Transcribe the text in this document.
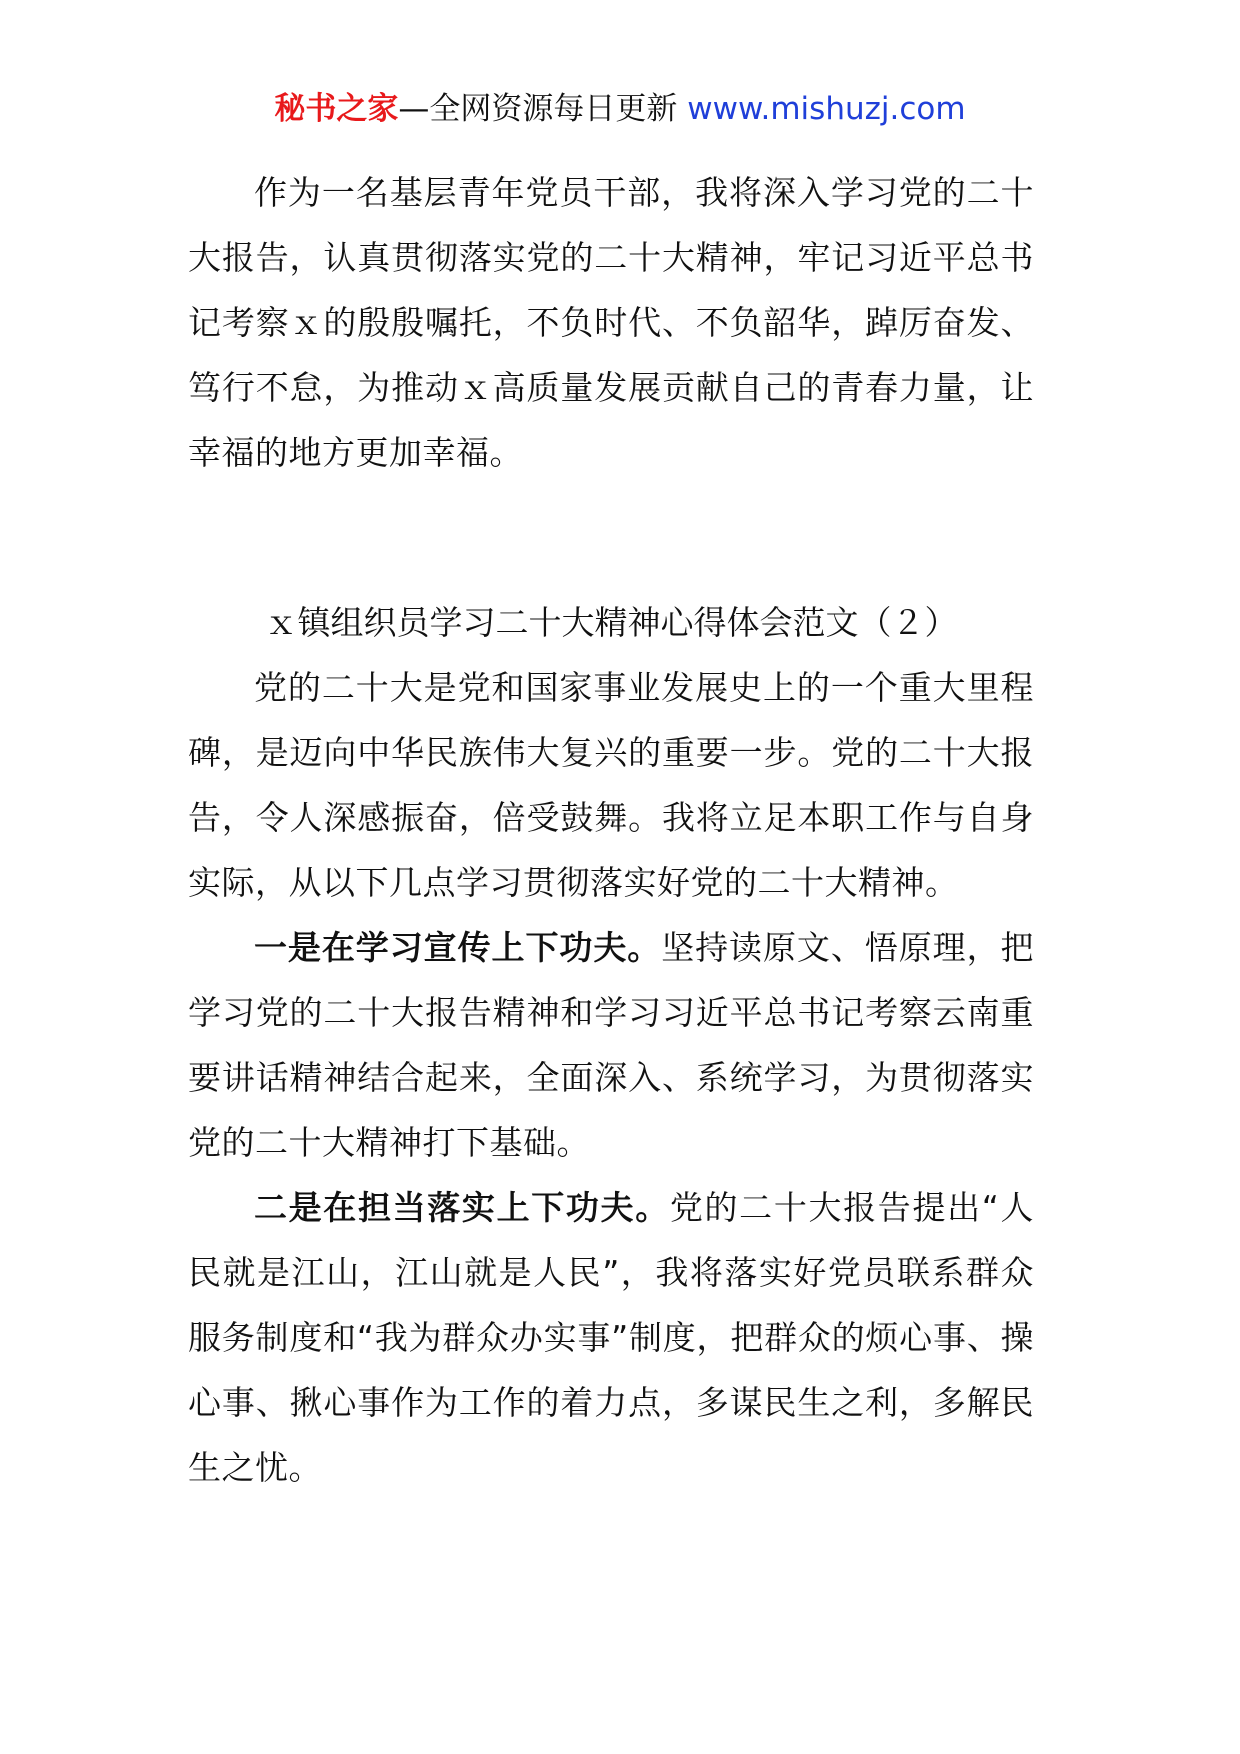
秘书之家—全网资源每日更新 www.mishuzj.com

作为一名基层青年党员干部，我将深入学习党的二十大报告，认真贯彻落实党的二十大精神，牢记习近平总书记考察ｘ的殷殷嘱托，不负时代、不负韶华，踔厉奋发、笃行不怠，为推动ｘ高质量发展贡献自己的青春力量，让幸福的地方更加幸福。

ｘ镇组织员学习二十大精神心得体会范文（２）

党的二十大是党和国家事业发展史上的一个重大里程碑，是迈向中华民族伟大复兴的重要一步。党的二十大报告，令人深感振奋，倍受鼓舞。我将立足本职工作与自身实际，从以下几点学习贯彻落实好党的二十大精神。

一是在学习宣传上下功夫。坚持读原文、悟原理，把学习党的二十大报告精神和学习习近平总书记考察云南重要讲话精神结合起来，全面深入、系统学习，为贯彻落实党的二十大精神打下基础。

二是在担当落实上下功夫。党的二十大报告提出“人民就是江山，江山就是人民”，我将落实好党员联系群众服务制度和“我为群众办实事”制度，把群众的烦心事、操心事、揪心事作为工作的着力点，多谋民生之利，多解民生之忧。
